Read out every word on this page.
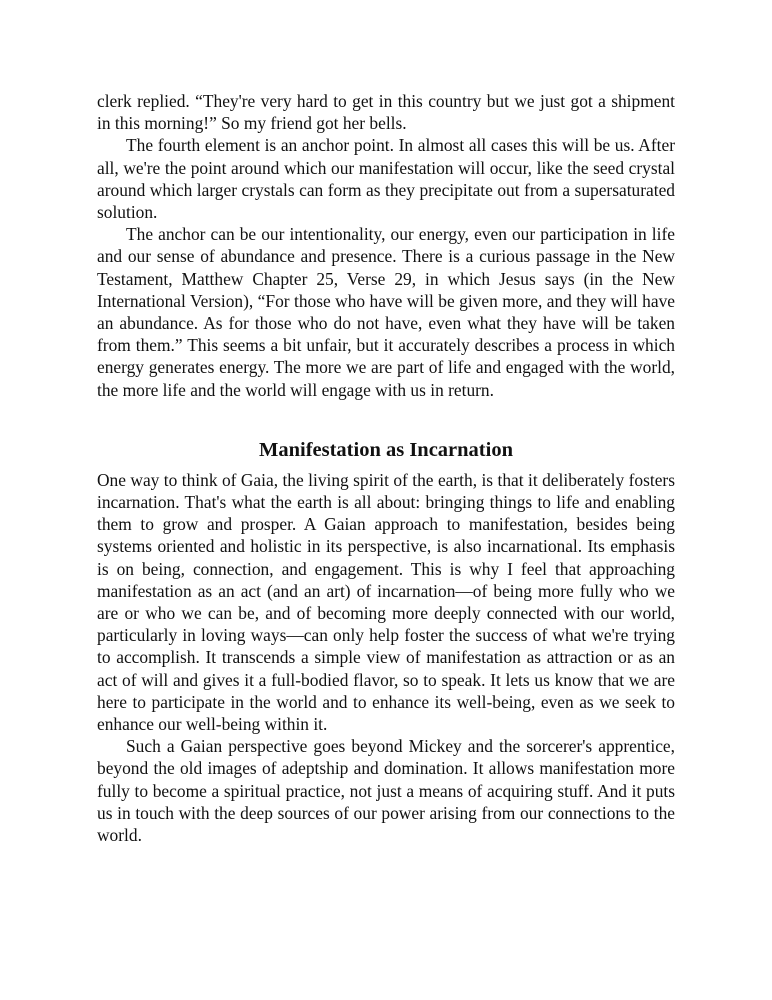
clerk replied. “They're very hard to get in this country but we just got a shipment in this morning!” So my friend got her bells.

The fourth element is an anchor point. In almost all cases this will be us. After all, we're the point around which our manifestation will occur, like the seed crystal around which larger crystals can form as they precipitate out from a supersaturated solution.

The anchor can be our intentionality, our energy, even our participation in life and our sense of abundance and presence. There is a curious passage in the New Testament, Matthew Chapter 25, Verse 29, in which Jesus says (in the New International Version), “For those who have will be given more, and they will have an abundance. As for those who do not have, even what they have will be taken from them.” This seems a bit unfair, but it accurately describes a process in which energy generates energy. The more we are part of life and engaged with the world, the more life and the world will engage with us in return.

Manifestation as Incarnation

One way to think of Gaia, the living spirit of the earth, is that it deliberately fosters incarnation. That's what the earth is all about: bringing things to life and enabling them to grow and prosper. A Gaian approach to manifestation, besides being systems oriented and holistic in its perspective, is also incarnational. Its emphasis is on being, connection, and engagement. This is why I feel that approaching manifestation as an act (and an art) of incarnation—of being more fully who we are or who we can be, and of becoming more deeply connected with our world, particularly in loving ways—can only help foster the success of what we're trying to accomplish. It transcends a simple view of manifestation as attraction or as an act of will and gives it a full-bodied flavor, so to speak. It lets us know that we are here to participate in the world and to enhance its well-being, even as we seek to enhance our well-being within it.

Such a Gaian perspective goes beyond Mickey and the sorcerer's apprentice, beyond the old images of adeptship and domination. It allows manifestation more fully to become a spiritual practice, not just a means of acquiring stuff. And it puts us in touch with the deep sources of our power arising from our connections to the world.
